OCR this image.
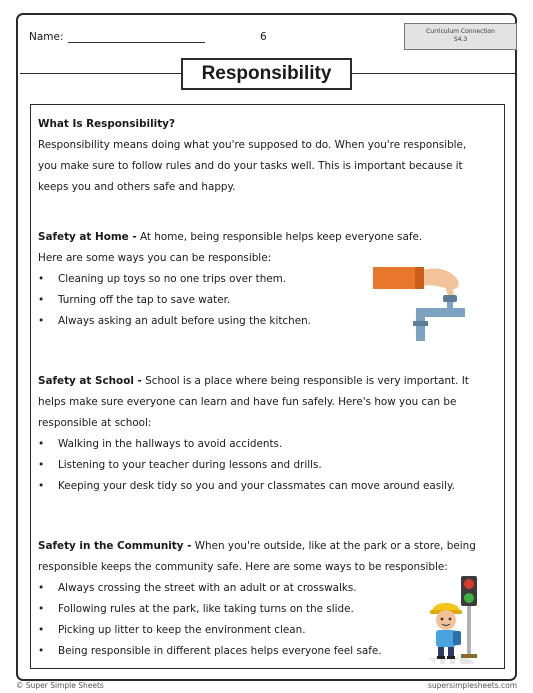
Name:	6	Curriculum Connection
S4.3
Responsibility
What Is Responsibility?
Responsibility means doing what you're supposed to do. When you're responsible,
you make sure to follow rules and do your tasks well. This is important because it
keeps you and others safe and happy.
Safety at Home - At home, being responsible helps keep everyone safe.
Here are some ways you can be responsible:
• Cleaning up toys so no one trips over them.
• Turning off the tap to save water.
• Always asking an adult before using the kitchen.
Safety at School - School is a place where being responsible is very important. It
helps make sure everyone can learn and have fun safely. Here's how you can be
responsible at school:
• Walking in the hallways to avoid accidents.
• Listening to your teacher during lessons and drills.
• Keeping your desk tidy so you and your classmates can move around easily.
Safety in the Community - When you're outside, like at the park or a store, being
responsible keeps the community safe. Here are some ways to be responsible:
• Always crossing the street with an adult or at crosswalks.
• Following rules at the park, like taking turns on the slide.
• Picking up litter to keep the environment clean.
• Being responsible in different places helps everyone feel safe.
© Super Simple Sheets	supersimplesheets.com
